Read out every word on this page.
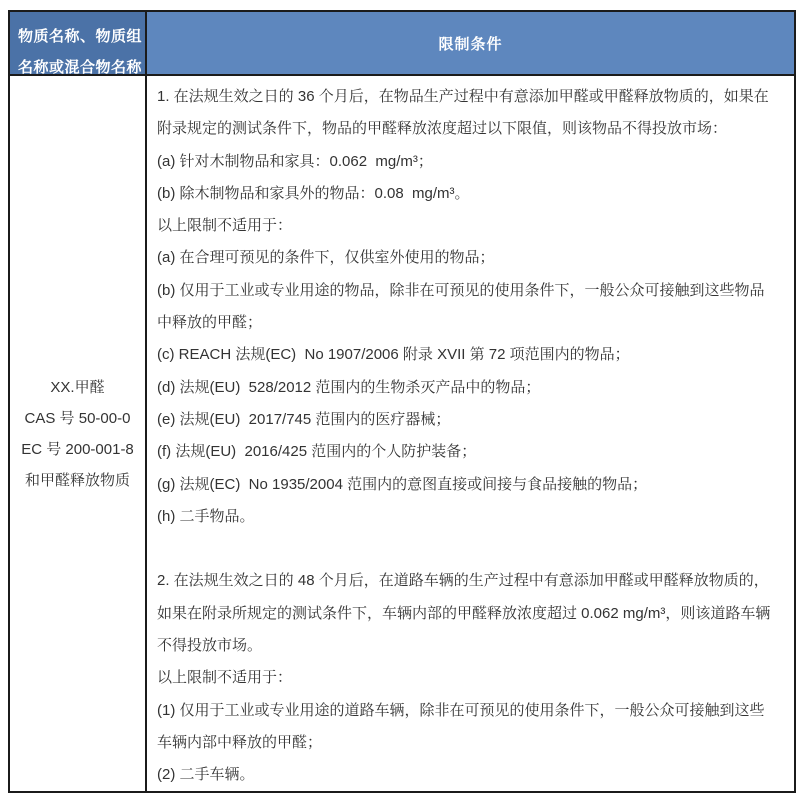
物质名称、物质组
名称或混合物名称
限制条件
XX.甲醛
CAS 号 50-00-0
EC 号 200-001-8
和甲醛释放物质
1. 在法规生效之日的 36 个月后，在物品生产过程中有意添加甲醛或甲醛释放物质的，如果在
附录规定的测试条件下，物品的甲醛释放浓度超过以下限值，则该物品不得投放市场：
(a) 针对木制物品和家具：0.062  mg/m³；
(b) 除木制物品和家具外的物品：0.08  mg/m³。
以上限制不适用于：
(a) 在合理可预见的条件下，仅供室外使用的物品；
(b) 仅用于工业或专业用途的物品，除非在可预见的使用条件下，一般公众可接触到这些物品
中释放的甲醛；
(c) REACH 法规(EC)  No 1907/2006 附录 XVII 第 72 项范围内的物品；
(d) 法规(EU)  528/2012 范围内的生物杀灭产品中的物品；
(e) 法规(EU)  2017/745 范围内的医疗器械；
(f) 法规(EU)  2016/425 范围内的个人防护装备；
(g) 法规(EC)  No 1935/2004 范围内的意图直接或间接与食品接触的物品；
(h) 二手物品。

2. 在法规生效之日的 48 个月后，在道路车辆的生产过程中有意添加甲醛或甲醛释放物质的，
如果在附录所规定的测试条件下，车辆内部的甲醛释放浓度超过 0.062 mg/m³，则该道路车辆
不得投放市场。
以上限制不适用于：
(1) 仅用于工业或专业用途的道路车辆，除非在可预见的使用条件下，一般公众可接触到这些
车辆内部中释放的甲醛；
(2) 二手车辆。
